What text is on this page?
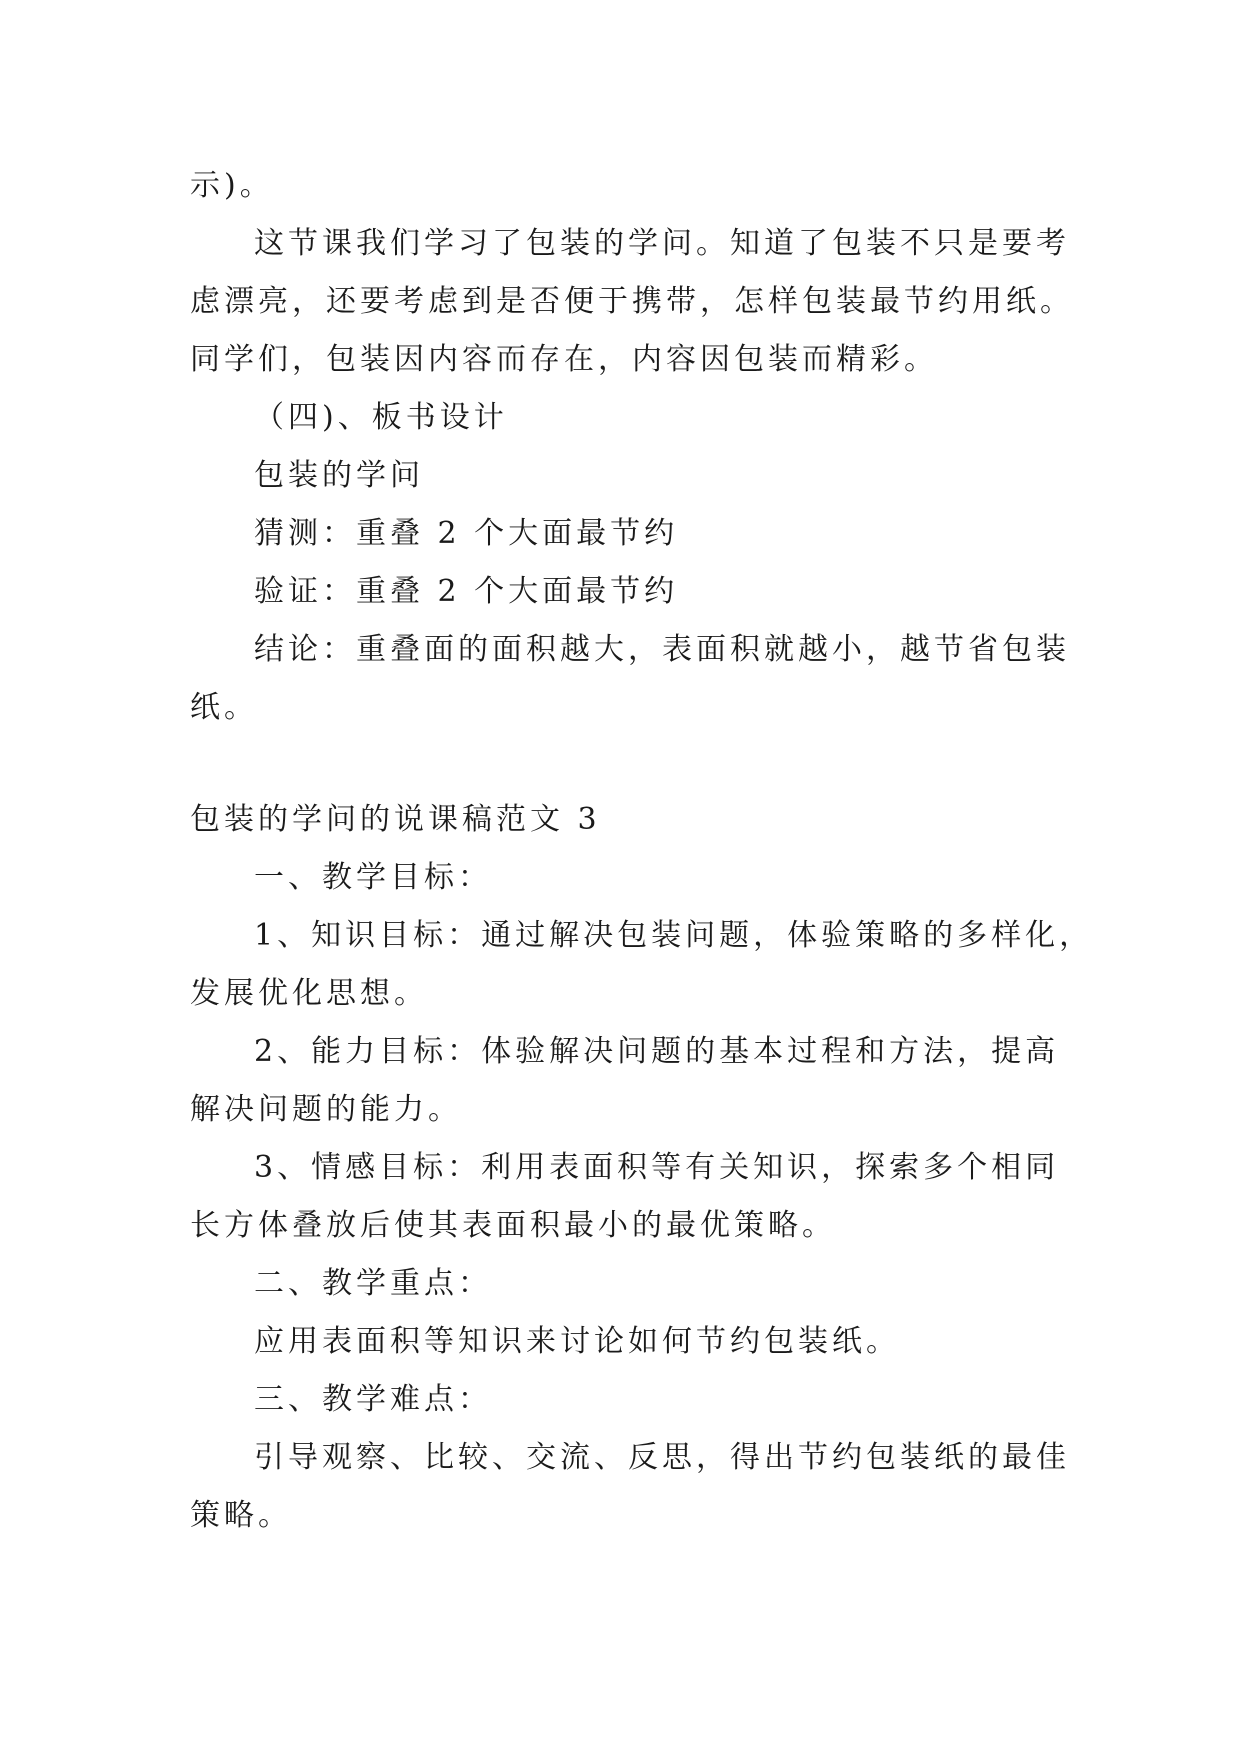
示)。
这节课我们学习了包装的学问。知道了包装不只是要考
虑漂亮，还要考虑到是否便于携带，怎样包装最节约用纸。
同学们，包装因内容而存在，内容因包装而精彩。
（四)、板书设计
包装的学问
猜测：重叠 2 个大面最节约
验证：重叠 2 个大面最节约
结论：重叠面的面积越大，表面积就越小，越节省包装
纸。
包装的学问的说课稿范文 3
一、教学目标：
1、知识目标：通过解决包装问题，体验策略的多样化，
发展优化思想。
2、能力目标：体验解决问题的基本过程和方法，提高
解决问题的能力。
3、情感目标：利用表面积等有关知识，探索多个相同
长方体叠放后使其表面积最小的最优策略。
二、教学重点：
应用表面积等知识来讨论如何节约包装纸。
三、教学难点：
引导观察、比较、交流、反思，得出节约包装纸的最佳
策略。
